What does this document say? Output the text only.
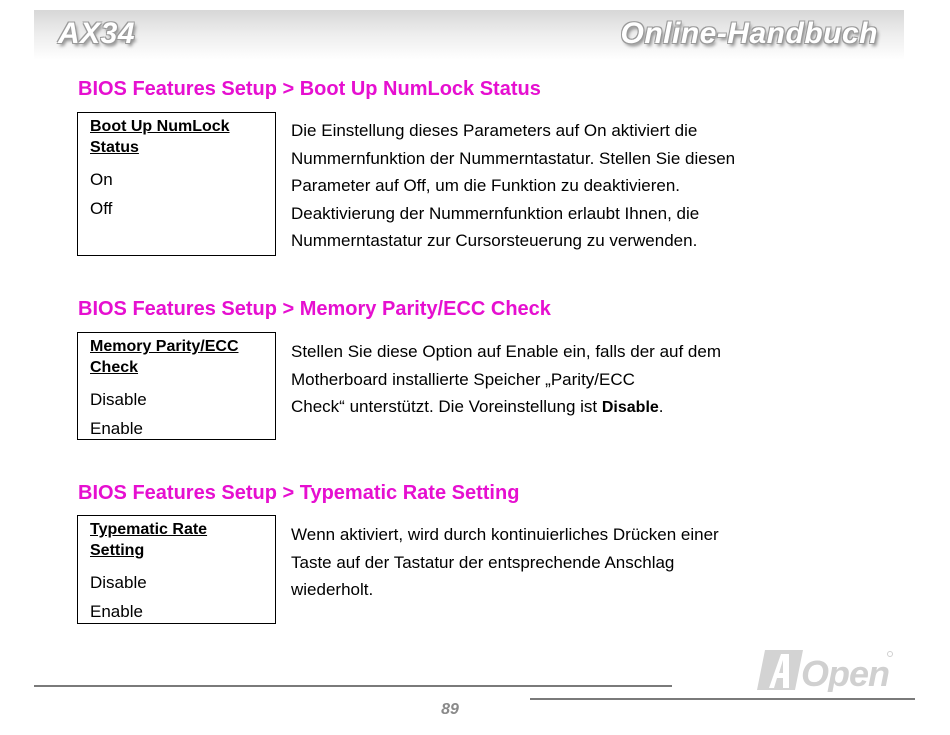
AX34	Online-Handbuch
BIOS Features Setup > Boot Up NumLock Status
Boot Up NumLock
Status
On
Off

Die Einstellung dieses Parameters auf On aktiviert die Nummernfunktion der Nummerntastatur. Stellen Sie diesen Parameter auf Off, um die Funktion zu deaktivieren. Deaktivierung der Nummernfunktion erlaubt Ihnen, die Nummerntastatur zur Cursorsteuerung zu verwenden.

BIOS Features Setup > Memory Parity/ECC Check
Memory Parity/ECC
Check
Disable
Enable
Stellen Sie diese Option auf Enable ein, falls der auf dem
Motherboard installierte Speicher „Parity/ECC
Check“ unterstützt. Die Voreinstellung ist Disable.
BIOS Features Setup > Typematic Rate Setting
Typematic Rate
Setting
Disable
Enable

Wenn aktiviert, wird durch kontinuierliches Drücken einer Taste auf der Tastatur der entsprechende Anschlag wiederholt.

89
Open
